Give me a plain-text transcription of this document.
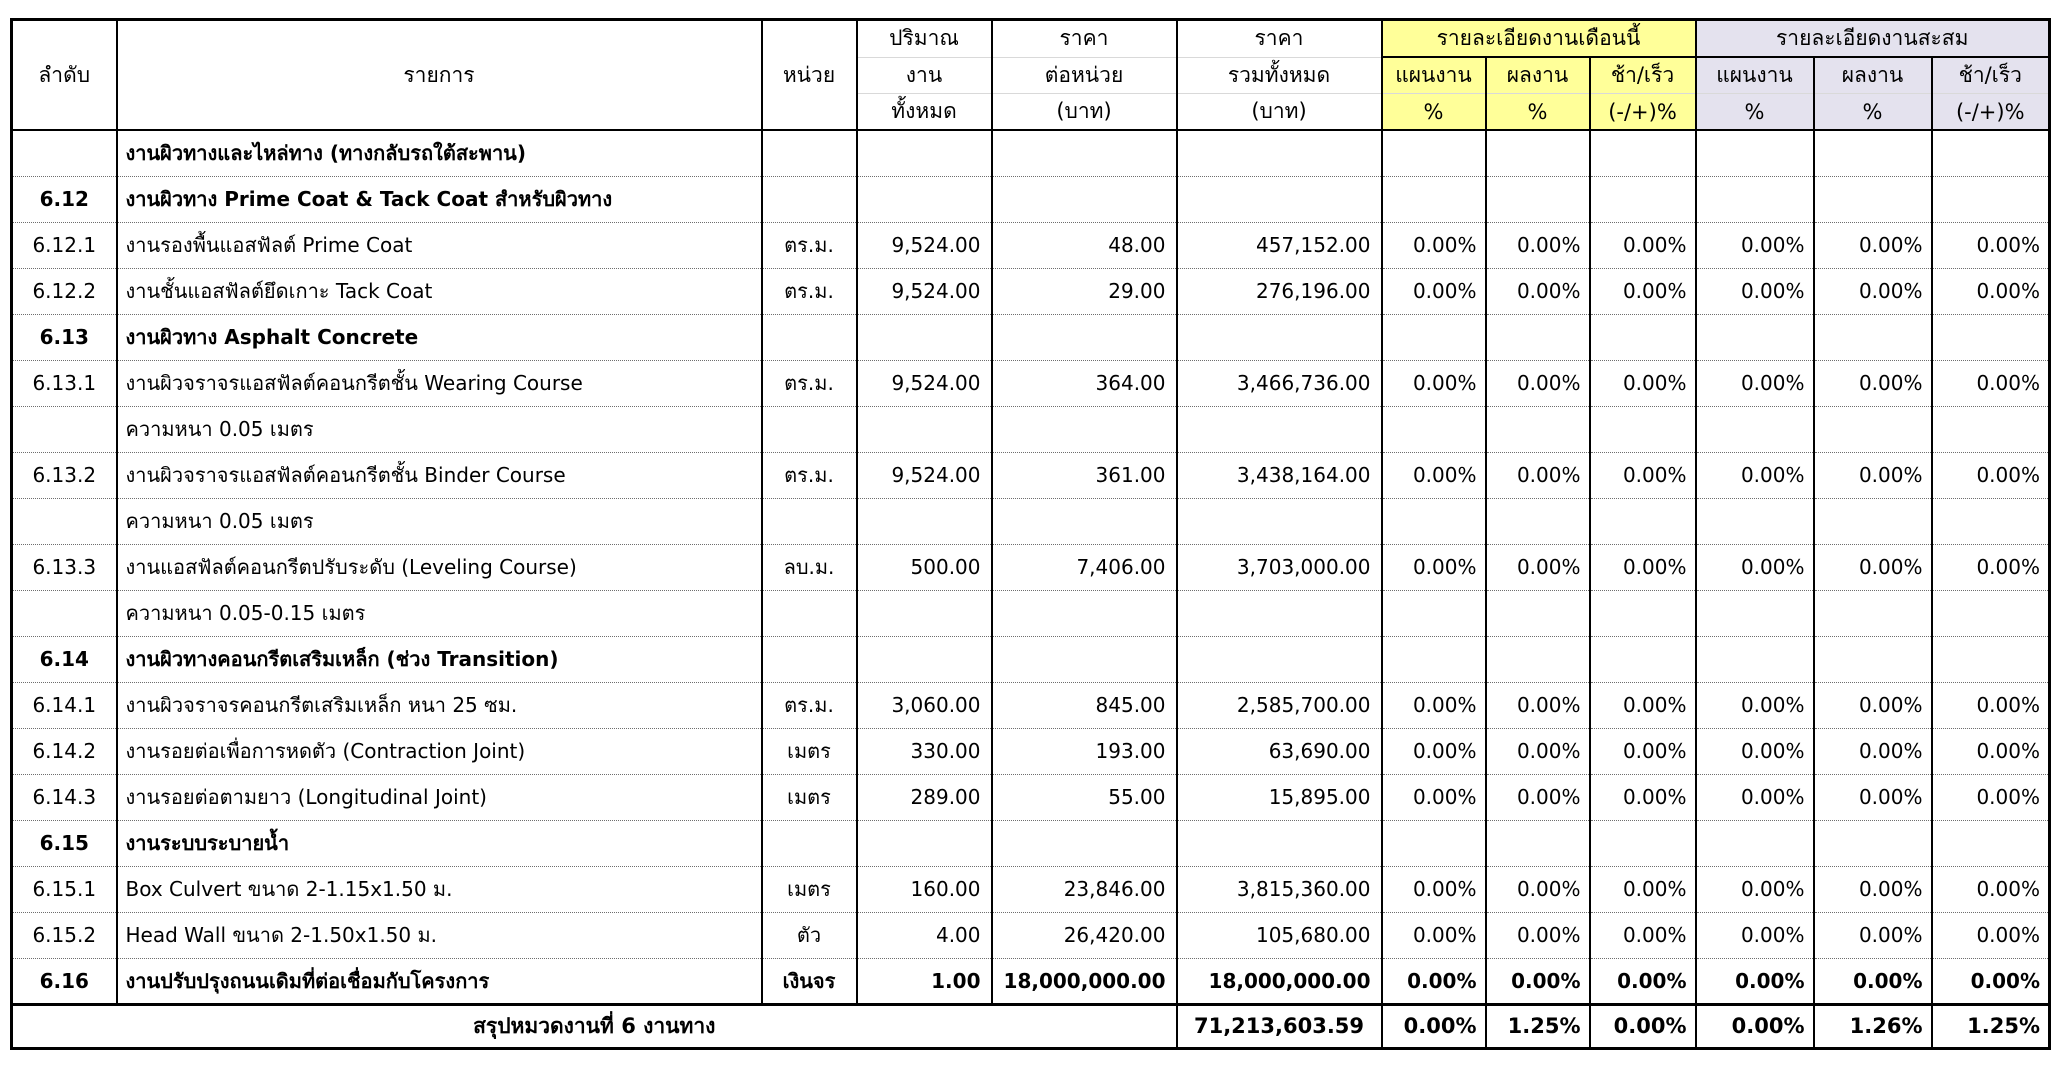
ลำดับ	รายการ	หน่วย	ปริมาณ	ราคา	ราคา	รายละเอียดงานเดือนนี้			รายละเอียดงานสะสม		
			งาน	ต่อหน่วย	รวมทั้งหมด	แผนงาน	ผลงาน	ช้า/เร็ว	แผนงาน	ผลงาน	ช้า/เร็ว
			ทั้งหมด	(บาท)	(บาท)	%	%	(-/+)%	%	%	(-/+)%
	งานผิวทางและไหล่ทาง (ทางกลับรถใต้สะพาน)										
6.12	งานผิวทาง Prime Coat & Tack Coat สำหรับผิวทาง										
6.12.1	งานรองพื้นแอสฟัลต์ Prime Coat	ตร.ม.	9,524.00	48.00	457,152.00	0.00%	0.00%	0.00%	0.00%	0.00%	0.00%
6.12.2	งานชั้นแอสฟัลต์ยึดเกาะ Tack Coat	ตร.ม.	9,524.00	29.00	276,196.00	0.00%	0.00%	0.00%	0.00%	0.00%	0.00%
6.13	งานผิวทาง Asphalt Concrete										
6.13.1	งานผิวจราจรแอสฟัลต์คอนกรีตชั้น Wearing Course	ตร.ม.	9,524.00	364.00	3,466,736.00	0.00%	0.00%	0.00%	0.00%	0.00%	0.00%
	ความหนา 0.05 เมตร										
6.13.2	งานผิวจราจรแอสฟัลต์คอนกรีตชั้น Binder Course	ตร.ม.	9,524.00	361.00	3,438,164.00	0.00%	0.00%	0.00%	0.00%	0.00%	0.00%
	ความหนา 0.05 เมตร										
6.13.3	งานแอสฟัลต์คอนกรีตปรับระดับ (Leveling Course)	ลบ.ม.	500.00	7,406.00	3,703,000.00	0.00%	0.00%	0.00%	0.00%	0.00%	0.00%
	ความหนา 0.05-0.15 เมตร										
6.14	งานผิวทางคอนกรีตเสริมเหล็ก (ช่วง Transition)										
6.14.1	งานผิวจราจรคอนกรีตเสริมเหล็ก หนา 25 ซม.	ตร.ม.	3,060.00	845.00	2,585,700.00	0.00%	0.00%	0.00%	0.00%	0.00%	0.00%
6.14.2	งานรอยต่อเพื่อการหดตัว (Contraction Joint)	เมตร	330.00	193.00	63,690.00	0.00%	0.00%	0.00%	0.00%	0.00%	0.00%
6.14.3	งานรอยต่อตามยาว (Longitudinal Joint)	เมตร	289.00	55.00	15,895.00	0.00%	0.00%	0.00%	0.00%	0.00%	0.00%
6.15	งานระบบระบายน้ำ										
6.15.1	Box Culvert ขนาด 2-1.15x1.50 ม.	เมตร	160.00	23,846.00	3,815,360.00	0.00%	0.00%	0.00%	0.00%	0.00%	0.00%
6.15.2	Head Wall ขนาด 2-1.50x1.50 ม.	ตัว	4.00	26,420.00	105,680.00	0.00%	0.00%	0.00%	0.00%	0.00%	0.00%
6.16	งานปรับปรุงถนนเดิมที่ต่อเชื่อมกับโครงการ	เงินจร	1.00	18,000,000.00	18,000,000.00	0.00%	0.00%	0.00%	0.00%	0.00%	0.00%
สรุปหมวดงานที่ 6 งานทาง					71,213,603.59	0.00%	1.25%	0.00%	0.00%	1.26%	1.25%
